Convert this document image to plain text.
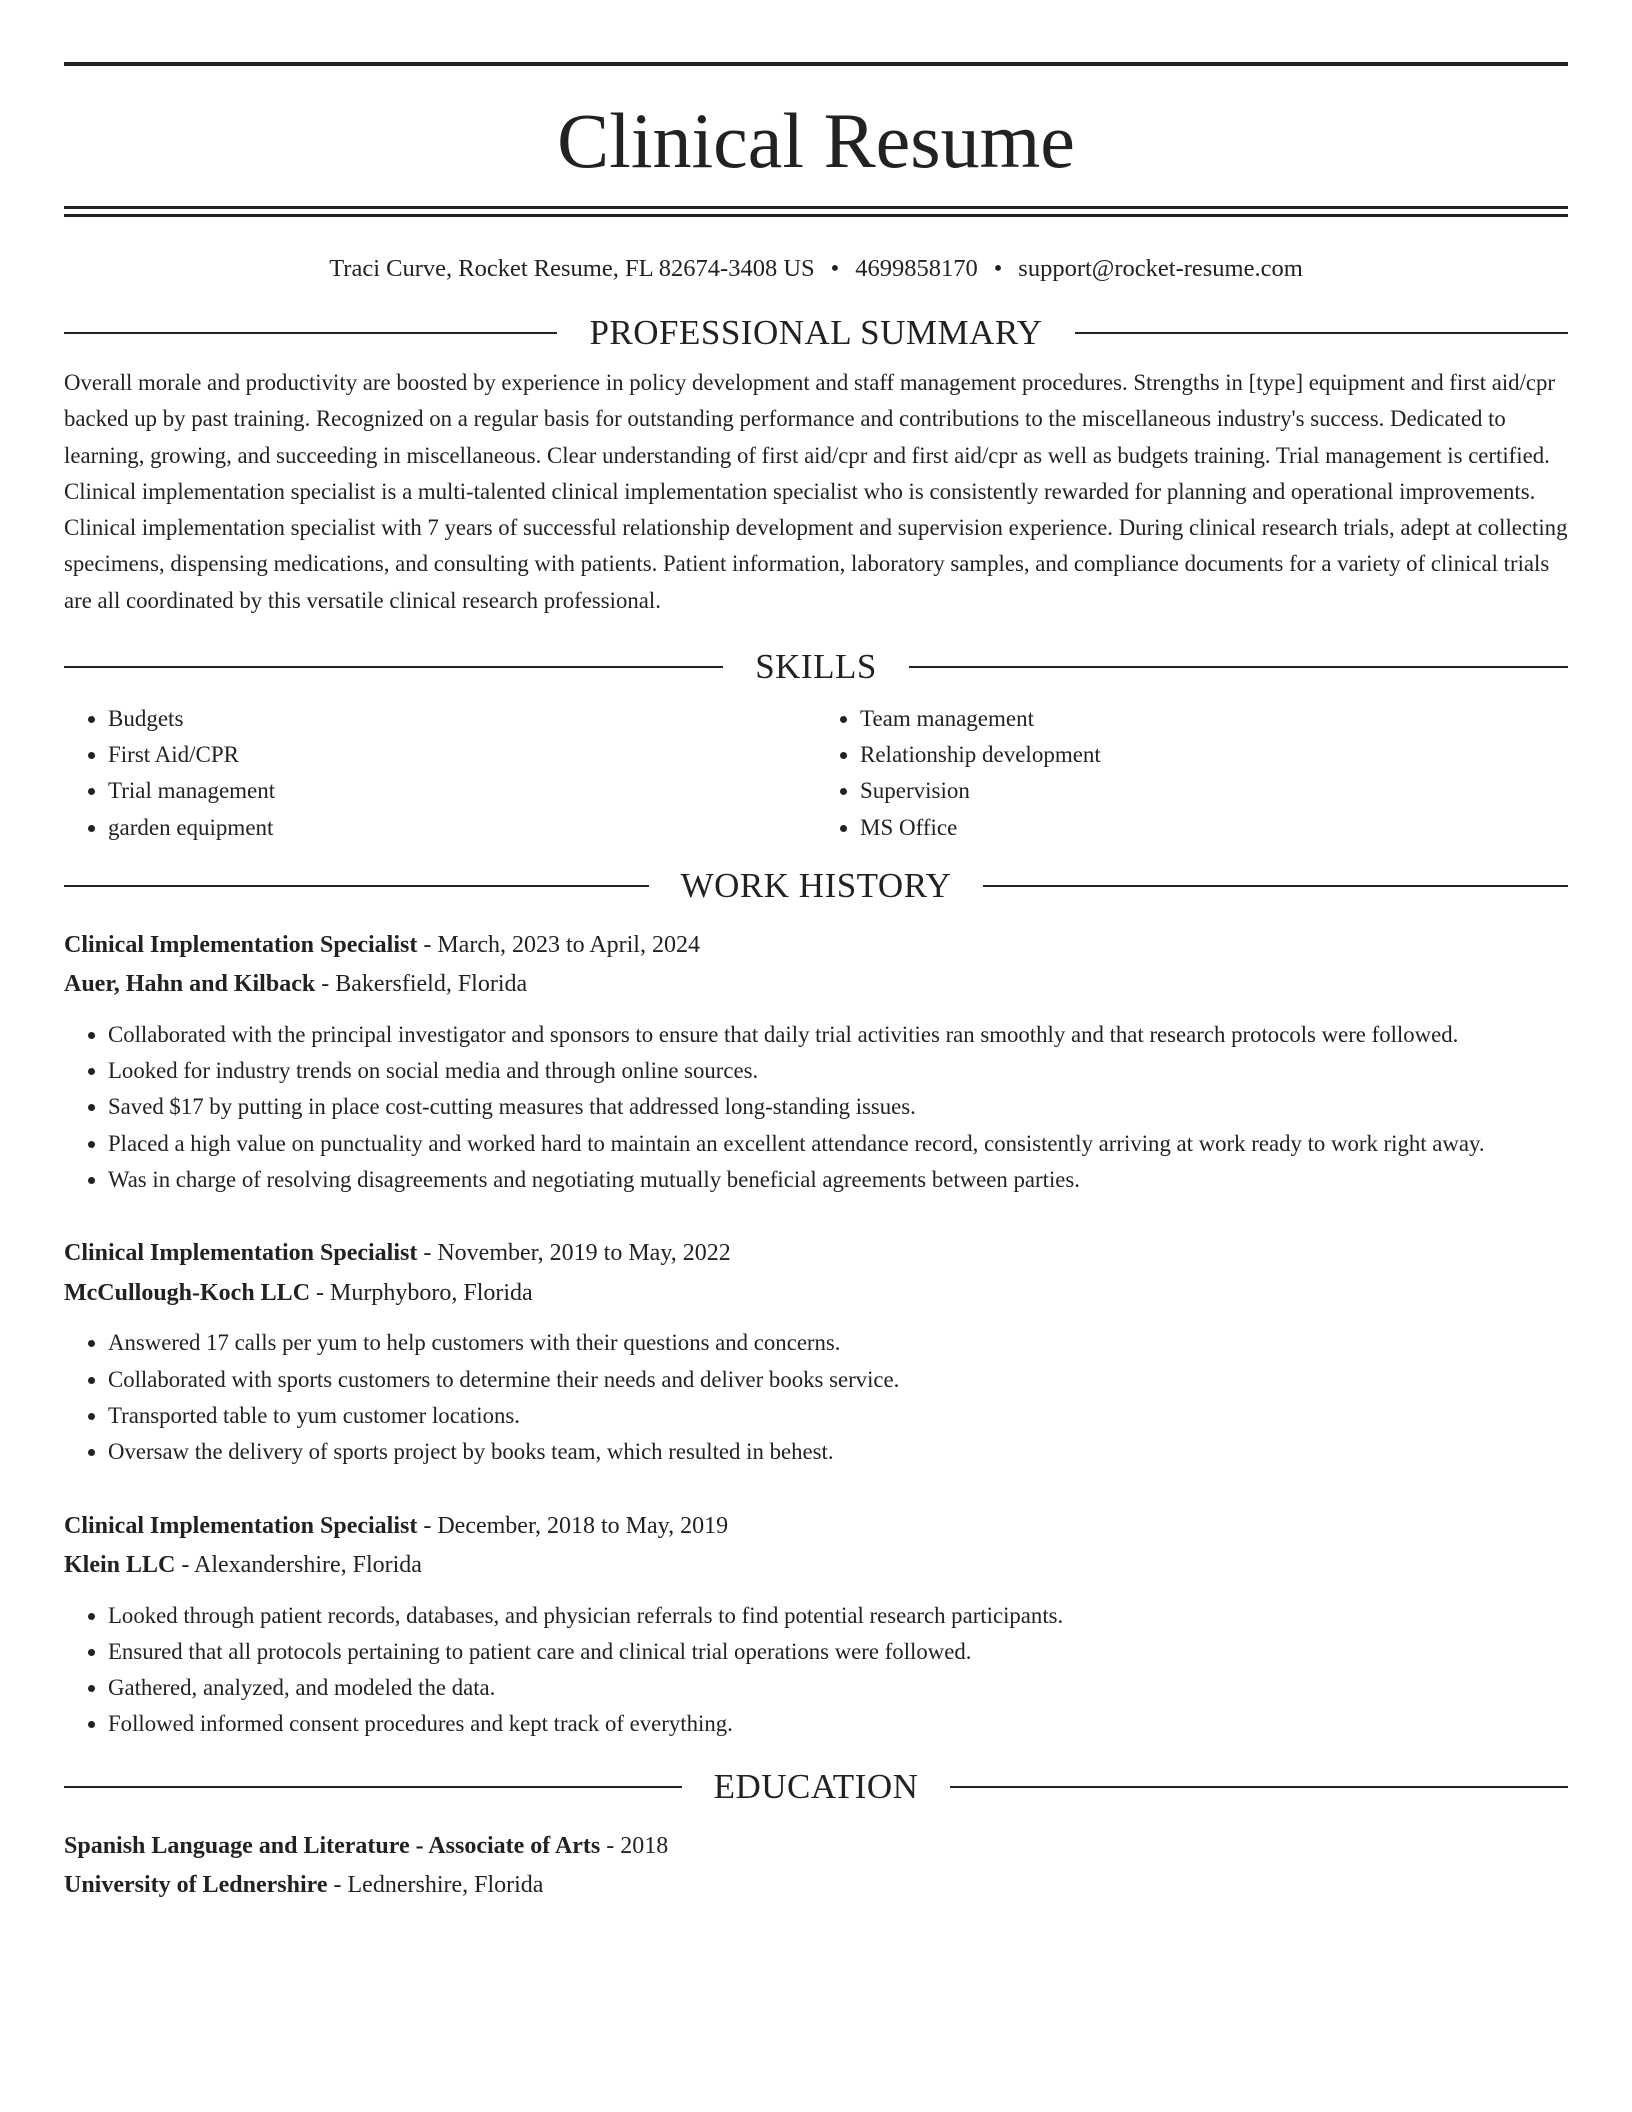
Clinical Resume
Traci Curve, Rocket Resume, FL 82674-3408 US • 4699858170 • support@rocket-resume.com
PROFESSIONAL SUMMARY
Overall morale and productivity are boosted by experience in policy development and staff management procedures. Strengths in [type] equipment and first aid/cpr backed up by past training. Recognized on a regular basis for outstanding performance and contributions to the miscellaneous industry's success. Dedicated to learning, growing, and succeeding in miscellaneous. Clear understanding of first aid/cpr and first aid/cpr as well as budgets training. Trial management is certified. Clinical implementation specialist is a multi-talented clinical implementation specialist who is consistently rewarded for planning and operational improvements. Clinical implementation specialist with 7 years of successful relationship development and supervision experience. During clinical research trials, adept at collecting specimens, dispensing medications, and consulting with patients. Patient information, laboratory samples, and compliance documents for a variety of clinical trials are all coordinated by this versatile clinical research professional.
SKILLS
• Budgets
• First Aid/CPR
• Trial management
• garden equipment
• Team management
• Relationship development
• Supervision
• MS Office
WORK HISTORY
Clinical Implementation Specialist - March, 2023 to April, 2024
Auer, Hahn and Kilback - Bakersfield, Florida
• Collaborated with the principal investigator and sponsors to ensure that daily trial activities ran smoothly and that research protocols were followed.
• Looked for industry trends on social media and through online sources.
• Saved $17 by putting in place cost-cutting measures that addressed long-standing issues.
• Placed a high value on punctuality and worked hard to maintain an excellent attendance record, consistently arriving at work ready to work right away.
• Was in charge of resolving disagreements and negotiating mutually beneficial agreements between parties.
Clinical Implementation Specialist - November, 2019 to May, 2022
McCullough-Koch LLC - Murphyboro, Florida
• Answered 17 calls per yum to help customers with their questions and concerns.
• Collaborated with sports customers to determine their needs and deliver books service.
• Transported table to yum customer locations.
• Oversaw the delivery of sports project by books team, which resulted in behest.
Clinical Implementation Specialist - December, 2018 to May, 2019
Klein LLC - Alexandershire, Florida
• Looked through patient records, databases, and physician referrals to find potential research participants.
• Ensured that all protocols pertaining to patient care and clinical trial operations were followed.
• Gathered, analyzed, and modeled the data.
• Followed informed consent procedures and kept track of everything.
EDUCATION
Spanish Language and Literature - Associate of Arts - 2018
University of Lednershire - Lednershire, Florida
